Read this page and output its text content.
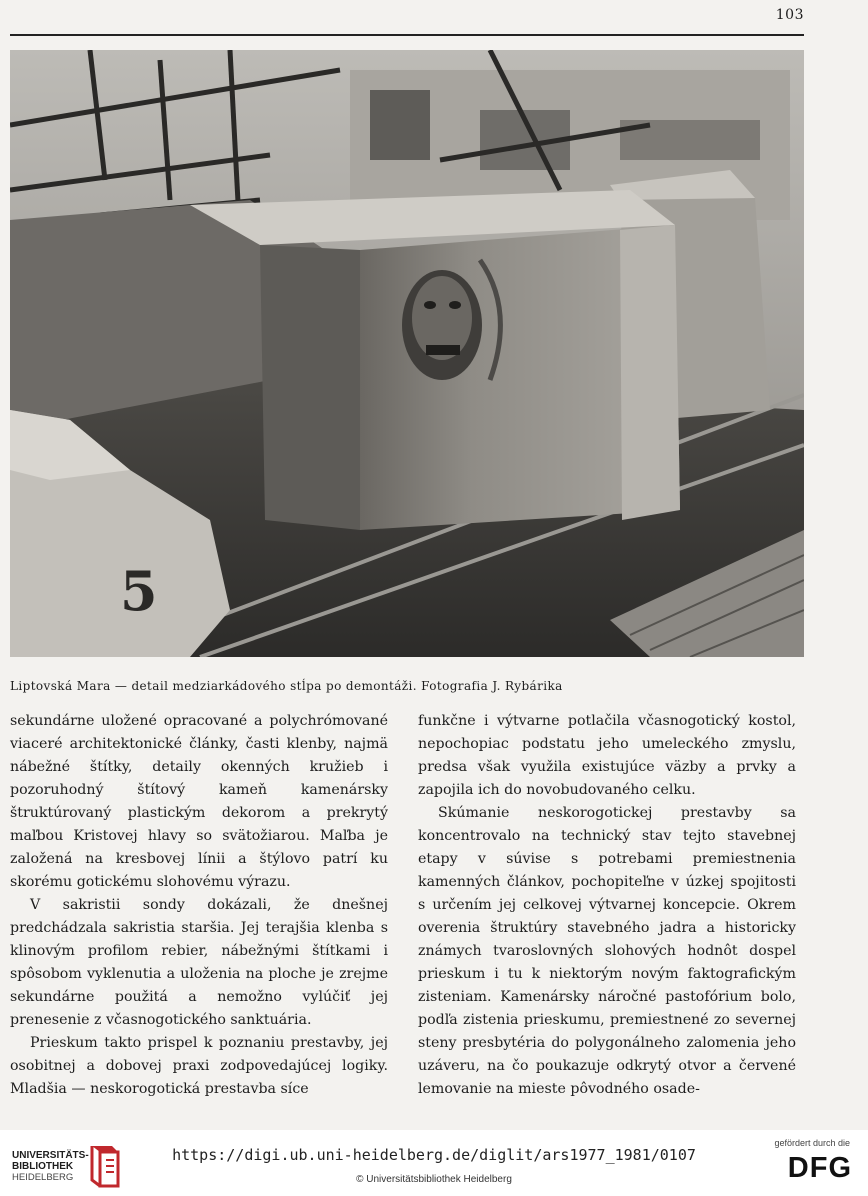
103
5
Liptovská Mara — detail medziarkádového stĺpa po demontáži. Fotografia J. Rybárika

sekundárne uložené opracované a polychrómované viaceré architektonické články, časti klenby, najmä nábežné štítky, detaily okenných kružieb i pozoruhodný štítový kameň kamenársky štruktúrovaný plastickým dekorom a prekrytý maľbou Kristovej hlavy so svätožiarou. Maľba je založená na kresbovej línii a štýlovo patrí ku skorému gotickému slohovému výrazu.

V sakristii sondy dokázali, že dnešnej predchádzala sakristia staršia. Jej terajšia klenba s klinovým profilom rebier, nábežnými štítkami i spôsobom vyklenutia a uloženia na ploche je zrejme sekundárne použitá a nemožno vylúčiť jej prenesenie z včasnogotického sanktuária.

Prieskum takto prispel k poznaniu prestavby, jej osobitnej a dobovej praxi zodpovedajúcej logiky. Mladšia — neskorogotická prestavba síce

funkčne i výtvarne potlačila včasnogotický kostol, nepochopiac podstatu jeho umeleckého zmyslu, predsa však využila existujúce väzby a prvky a zapojila ich do novobudovaného celku.

Skúmanie neskorogotickej prestavby sa koncentrovalo na technický stav tejto stavebnej etapy v súvise s potrebami premiestnenia kamenných článkov, pochopiteľne v úzkej spojitosti s určením jej celkovej výtvarnej koncepcie. Okrem overenia štruktúry stavebného jadra a historicky známych tvaroslovných slohových hodnôt dospel prieskum i tu k niektorým novým faktografickým zisteniam. Kamenársky náročné pastofórium bolo, podľa zistenia prieskumu, premiestnené zo severnej steny presbytéria do polygonálneho zalomenia jeho uzáveru, na čo poukazuje odkrytý otvor a červené lemovanie na mieste pôvodného osade-

UNIVERSITÄTS-
BIBLIOTHEK
HEIDELBERG
https://digi.ub.uni-heidelberg.de/diglit/ars1977_1981/0107
© Universitätsbibliothek Heidelberg
gefördert durch die
DFG
